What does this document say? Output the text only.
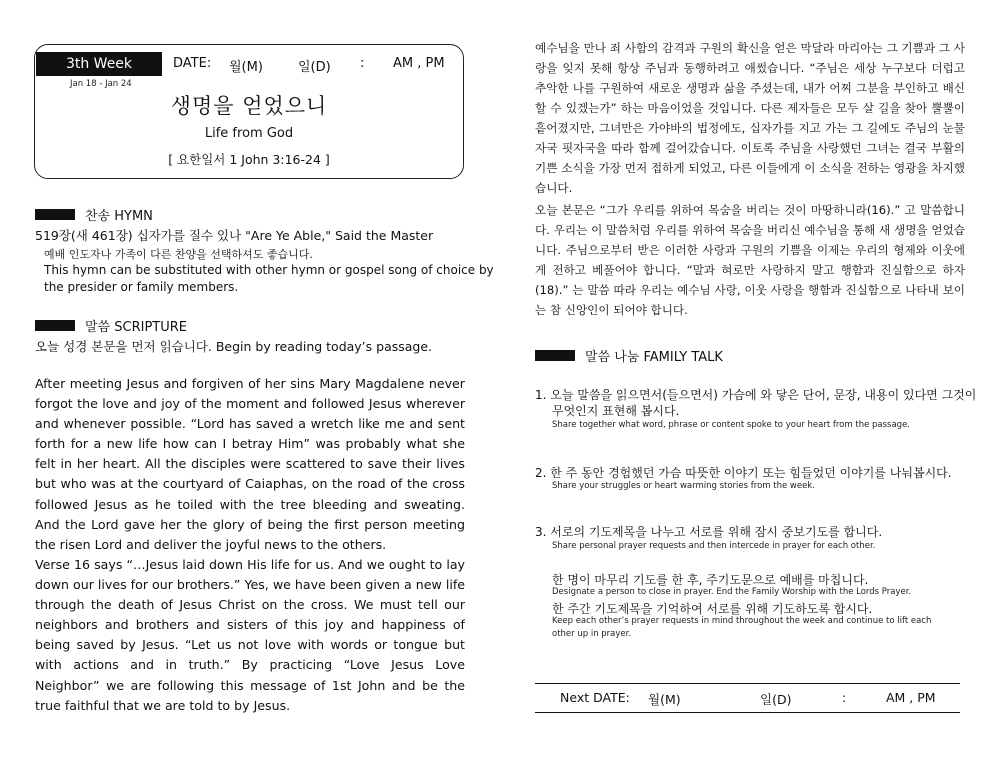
3th Week
Jan 18 - Jan 24
DATE: 월(M)	일(D) : AM , PM
생명을 얻었으니
Life from God
[ 요한일서 1 John 3:16-24 ]
찬송 HYMN
519장(새 461장) 십자가를 질수 있나 "Are Ye Able," Said the Master
예배 인도자나 가족이 다른 찬양을 선택하셔도 좋습니다.
This hymn can be substituted with other hymn or gospel song of choice by
the presider or family members.
말씀 SCRIPTURE
오늘 성경 본문을 먼저 읽습니다. Begin by reading today’s passage.
After meeting Jesus and forgiven of her sins Mary Magdalene never forgot the love and joy of the moment and followed Jesus wherever and whenever possible. “Lord has saved a wretch like me and sent forth for a new life how can I betray Him” was probably what she felt in her heart. All the disciples were scattered to save their lives but who was at the courtyard of Caiaphas, on the road of the cross followed Jesus as he toiled with the tree bleeding and sweating. And the Lord gave her the glory of being the first person meeting the risen Lord and deliver the joyful news to the others.
Verse 16 says “…Jesus laid down His life for us. And we ought to lay down our lives for our brothers.” Yes, we have been given a new life through the death of Jesus Christ on the cross. We must tell our neighbors and brothers and sisters of this joy and happiness of being saved by Jesus. “Let us not love with words or tongue but with actions and in truth.” By practicing “Love Jesus Love Neighbor” we are following this message of 1st John and be the true faithful that we are told to by Jesus.
예수님을 만나 죄 사함의 감격과 구원의 확신을 얻은 막달라 마리아는 그 기쁨과 그 사랑을 잊지 못해 항상 주님과 동행하려고 애썼습니다. “주님은 세상 누구보다 더럽고 추악한 나를 구원하여 새로운 생명과 삶을 주셨는데, 내가 어찌 그분을 부인하고 배신할 수 있겠는가” 하는 마음이었을 것입니다. 다른 제자들은 모두 살 길을 찾아 뿔뿔이 흩어졌지만, 그녀만은 가야바의 법정에도, 십자가를 지고 가는 그 길에도 주님의 눈물자국 핏자국을 따라 함께 걸어갔습니다. 이토록 주님을 사랑했던 그녀는 결국 부활의 기쁜 소식을 가장 먼저 접하게 되었고, 다른 이들에게 이 소식을 전하는 영광을 차지했습니다.
오늘 본문은 “그가 우리를 위하여 목숨을 버리는 것이 마땅하니라(16).” 고 말씀합니다. 우리는 이 말씀처럼 우리를 위하여 목숨을 버리신 예수님을 통해 새 생명을 얻었습니다. 주님으로부터 받은 이러한 사랑과 구원의 기쁨을 이제는 우리의 형제와 이웃에게 전하고 베풀어야 합니다. “말과 혀로만 사랑하지 말고 행함과 진실함으로 하자(18).” 는 말씀 따라 우리는 예수님 사랑, 이웃 사랑을 행함과 진실함으로 나타내 보이는 참 신앙인이 되어야 합니다.
말씀 나눔 FAMILY TALK
1. 오늘 말씀을 읽으면서(들으면서) 가슴에 와 닿은 단어, 문장, 내용이 있다면 그것이
무엇인지 표현해 봅시다.
Share together what word, phrase or content spoke to your heart from the passage.
2. 한 주 동안 경험했던 가슴 따뜻한 이야기 또는 힘들었던 이야기를 나눠봅시다.
Share your struggles or heart warming stories from the week.
3. 서로의 기도제목을 나누고 서로를 위해 잠시 중보기도를 합니다.
Share personal prayer requests and then intercede in prayer for each other.
한 명이 마무리 기도를 한 후, 주기도문으로 예배를 마칩니다.
Designate a person to close in prayer. End the Family Worship with the Lords Prayer.
한 주간 기도제목을 기억하여 서로를 위해 기도하도록 합시다.
Keep each other’s prayer requests in mind throughout the week and continue to lift each
other up in prayer.
Next DATE: 월(M)	일(D)	:	AM , PM
